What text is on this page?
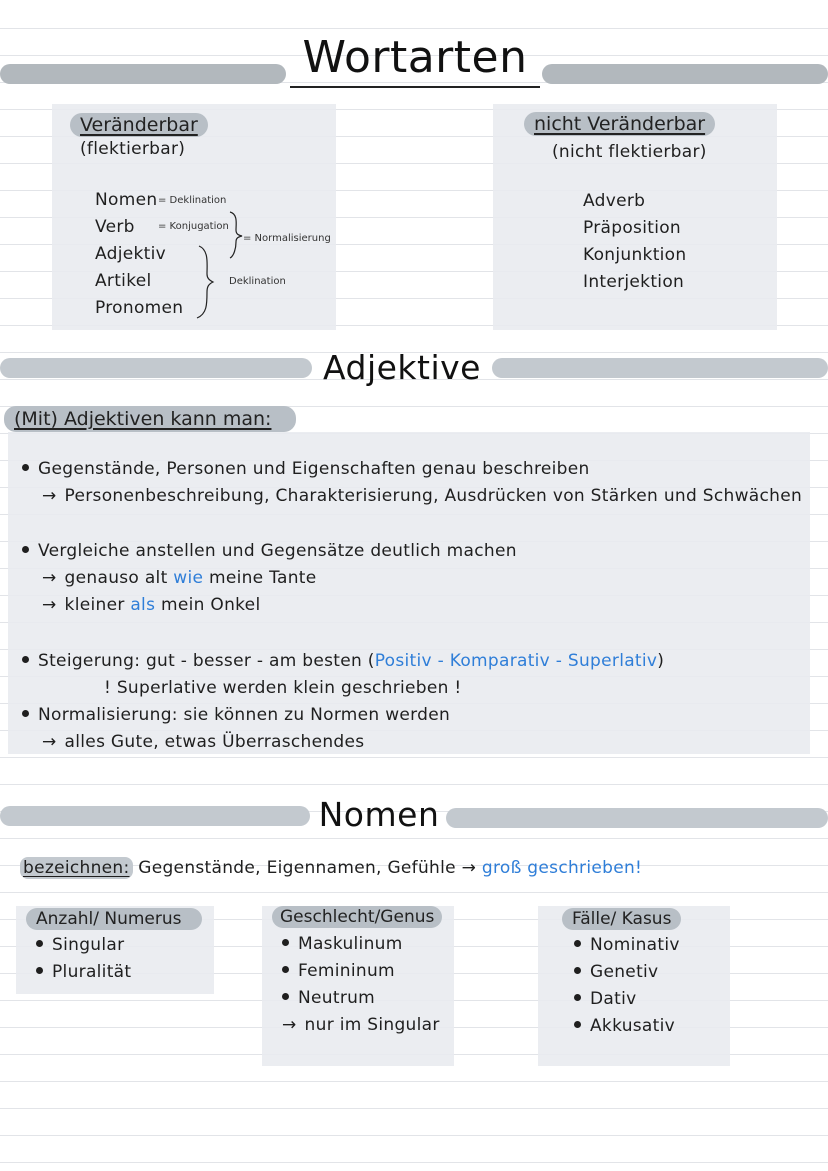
Wortarten
Veränderbar
(flektierbar)
Nomen
Verb
Adjektiv
Artikel
Pronomen
= Deklination
= Konjugation
= Normalisierung
Deklination
nicht Veränderbar
(nicht flektierbar)
Adverb
Präposition
Konjunktion
Interjektion
Adjektive
(Mit) Adjektiven kann man:
Gegenstände, Personen und Eigenschaften genau beschreiben
→ Personenbeschreibung, Charakterisierung, Ausdrücken von Stärken und Schwächen
Vergleiche anstellen und Gegensätze deutlich machen
→ genauso alt wie meine Tante
→ kleiner als mein Onkel
Steigerung: gut - besser - am besten (Positiv - Komparativ - Superlativ)
! Superlative werden klein geschrieben !
Normalisierung: sie können zu Normen werden
→ alles Gute, etwas Überraschendes
Nomen
bezeichnen: Gegenstände, Eigennamen, Gefühle → groß geschrieben!
Anzahl/ Numerus
Singular
Pluralität
Geschlecht/Genus
Maskulinum
Femininum
Neutrum
→ nur im Singular
Fälle/ Kasus
Nominativ
Genetiv
Dativ
Akkusativ
